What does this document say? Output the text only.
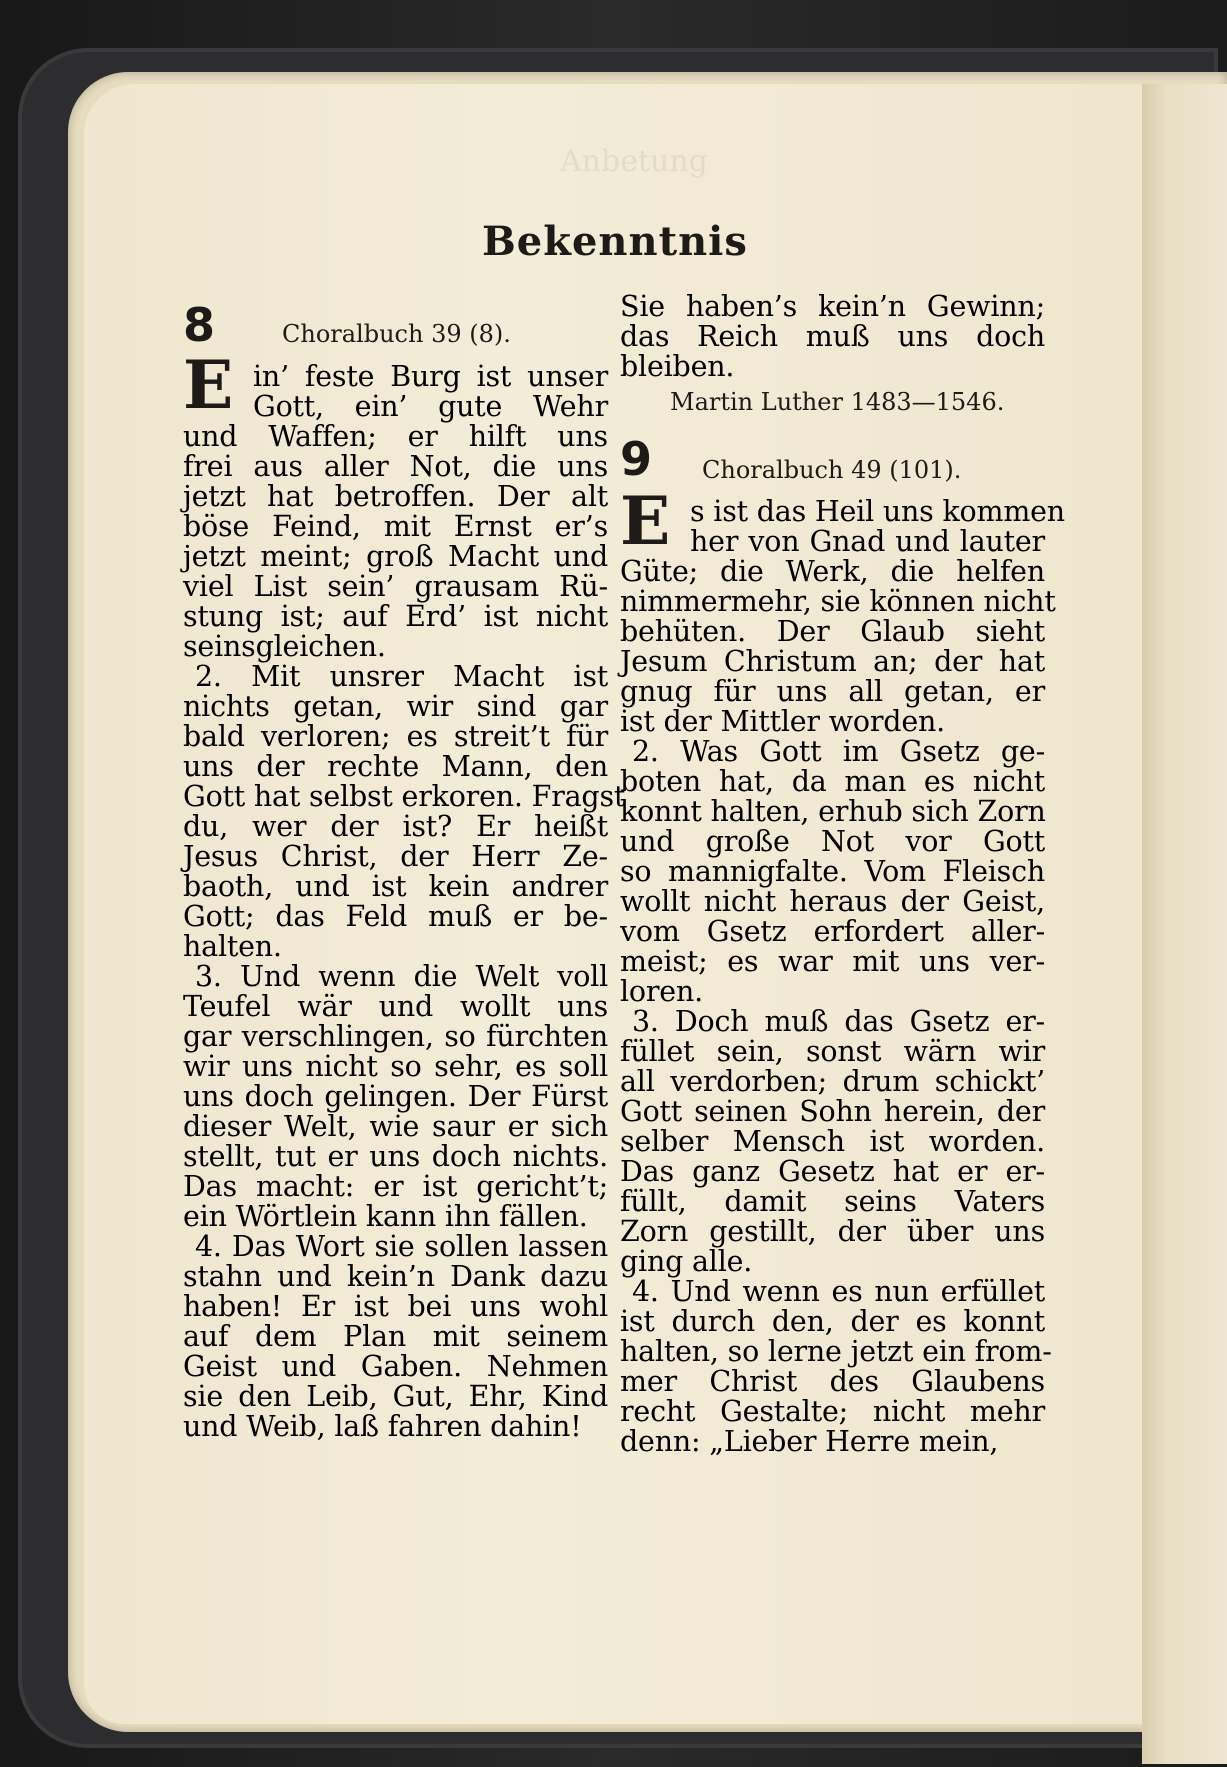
Anbetung
Bekenntnis
8	Choralbuch 39 (8).
E in’ feste Burg ist unser
Gott, ein’ gute Wehr
und Waffen; er hilft uns
frei aus aller Not, die uns
jetzt hat betroffen. Der alt
böse Feind, mit Ernst er’s
jetzt meint; groß Macht und
viel List sein’ grausam Rü-
stung ist; auf Erd’ ist nicht
seinsgleichen.
2. Mit unsrer Macht ist
nichts getan, wir sind gar
bald verloren; es streit’t für
uns der rechte Mann, den
Gott hat selbst erkoren. Fragst
du, wer der ist? Er heißt
Jesus Christ, der Herr Ze-
baoth, und ist kein andrer
Gott; das Feld muß er be-
halten.
3. Und wenn die Welt voll
Teufel wär und wollt uns
gar verschlingen, so fürchten
wir uns nicht so sehr, es soll
uns doch gelingen. Der Fürst
dieser Welt, wie saur er sich
stellt, tut er uns doch nichts.
Das macht: er ist gericht’t;
ein Wörtlein kann ihn fällen.
4. Das Wort sie sollen lassen
stahn und kein’n Dank dazu
haben! Er ist bei uns wohl
auf dem Plan mit seinem
Geist und Gaben. Nehmen
sie den Leib, Gut, Ehr, Kind
und Weib, laß fahren dahin!
Sie haben’s kein’n Gewinn;
das Reich muß uns doch
bleiben.
Martin Luther 1483—1546.
9 Choralbuch 49 (101).
E s ist das Heil uns kommen
her von Gnad und lauter
Güte; die Werk, die helfen
nimmermehr, sie können nicht
behüten. Der Glaub sieht
Jesum Christum an; der hat
gnug für uns all getan, er
ist der Mittler worden.
2. Was Gott im Gsetz ge-
boten hat, da man es nicht
konnt halten, erhub sich Zorn
und große Not vor Gott
so mannigfalte. Vom Fleisch
wollt nicht heraus der Geist,
vom Gsetz erfordert aller-
meist; es war mit uns ver-
loren.
3. Doch muß das Gsetz er-
füllet sein, sonst wärn wir
all verdorben; drum schickt’
Gott seinen Sohn herein, der
selber Mensch ist worden.
Das ganz Gesetz hat er er-
füllt, damit seins Vaters
Zorn gestillt, der über uns
ging alle.
4. Und wenn es nun erfüllet
ist durch den, der es konnt
halten, so lerne jetzt ein from-
mer Christ des Glaubens
recht Gestalte; nicht mehr
denn: „Lieber Herre mein,
